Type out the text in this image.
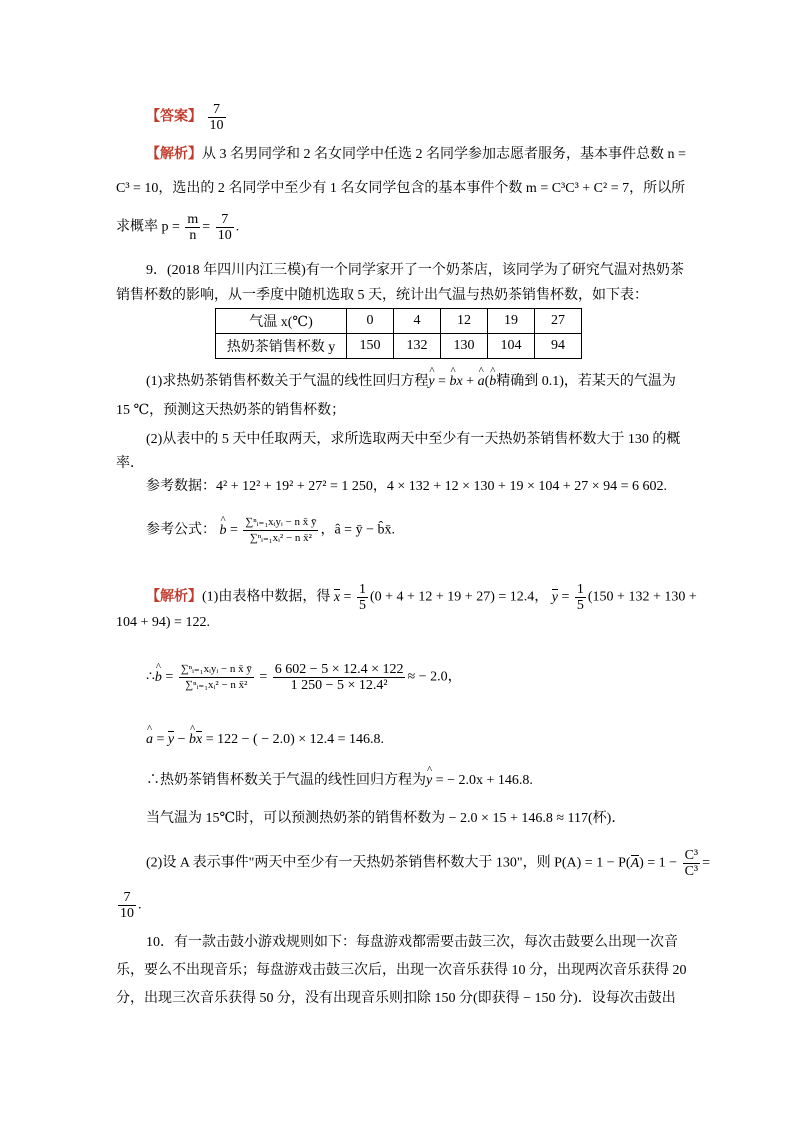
【答案】 $\frac{7}{10}$
【解析】从 3 名男同学和 2 名女同学中任选 2 名同学参加志愿者服务，基本事件总数 n =
C³ = 10，选出的 2 名同学中至少有 1 名女同学包含的基本事件个数 m = C³C³ + C² = 7，所以所
求概率 $p = \frac{m}{n} = \frac{7}{10}$ .
9．(2018 年四川内江三模)有一个同学家开了一个奶茶店，该同学为了研究气温对热奶茶
销售杯数的影响，从一季度中随机选取 5 天，统计出气温与热奶茶销售杯数，如下表：
气温 x(℃)	0	4	12	19	27
热奶茶销售杯数 y	150	132	130	104	94
(1)求热奶茶销售杯数关于气温的线性回归方程^ y = ^ bx + ^ a(^ b精确到 0.1)，若某天的气温为
15 ℃，预测这天热奶茶的销售杯数；
(2)从表中的 5 天中任取两天，求所选取两天中至少有一天热奶茶销售杯数大于 130 的概
率．
参考数据：4² + 12² + 19² + 27² = 1 250，4 × 132 + 12 × 130 + 19 × 104 + 27 × 94 = 6 602.
参考公式： ^ $b = \frac{\text{∑ⁿᵢ₌₁xᵢyᵢ − n x̄ ȳ}}{\text{∑ⁿᵢ₌₁xᵢ² − n x̄²}}$ ，â = ȳ − b̂x̄.
【解析】(1)由表格中数据，得 $x = \frac{1}{5} (0 + 4 + 12 + 19 + 27) = 12.4$， $y = \frac{1}{5} (150 + 132 + 130$ +
104 + 94) = 122.
∴^ $b = \frac{\text{∑ⁿᵢ₌₁xᵢyᵢ − n x̄ ȳ}}{\text{∑ⁿᵢ₌₁xᵢ² − n x̄²}} = \frac{6 602 - 5 \times 12.4 \times 122}{\text{1 250 − 5 × 12.4²}}$ ≈ − 2.0，
^ a = y − ^ bx = 122 − ( − 2.0) × 12.4 = 146.8.
∴热奶茶销售杯数关于气温的线性回归方程为^ y = − 2.0x + 146.8.
当气温为 15℃时，可以预测热奶茶的销售杯数为 − 2.0 × 15 + 146.8 ≈ 117(杯)．
(2)设 A 表示事件"两天中至少有一天热奶茶销售杯数大于 130"，则 $P(A) = 1 - P(A) = 1 - \frac{\text{C³}}{\text{C³}}$ =
$\frac{7}{10}$ .
10．有一款击鼓小游戏规则如下：每盘游戏都需要击鼓三次，每次击鼓要么出现一次音
乐，要么不出现音乐；每盘游戏击鼓三次后，出现一次音乐获得 10 分，出现两次音乐获得 20
分，出现三次音乐获得 50 分，没有出现音乐则扣除 150 分(即获得 − 150 分)．设每次击鼓出
